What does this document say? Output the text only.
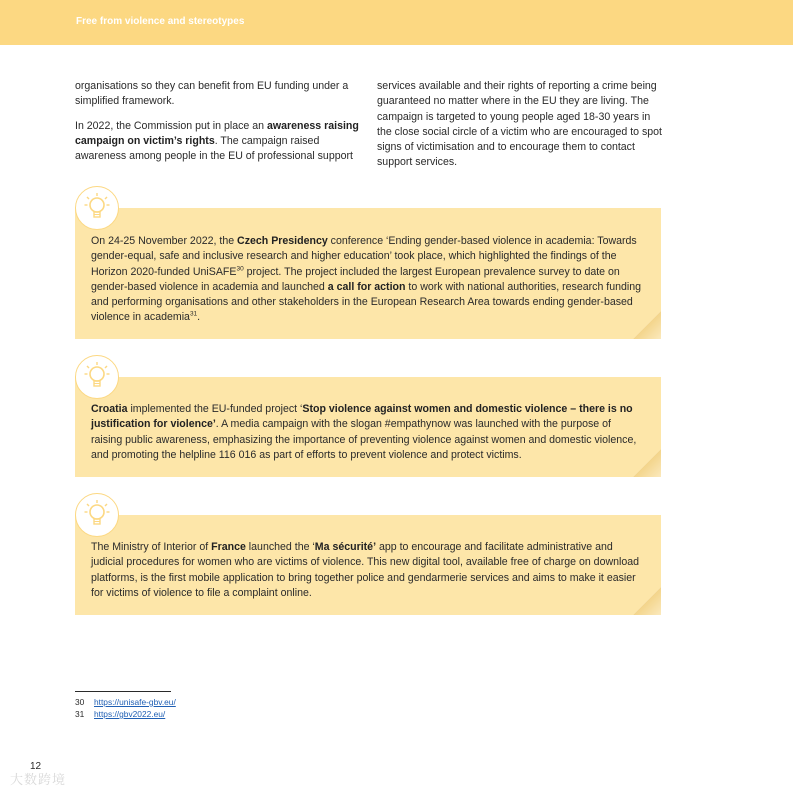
Free from violence and stereotypes

organisations so they can benefit from EU funding under a simplified framework.

In 2022, the Commission put in place an awareness raising campaign on victim’s rights. The campaign raised awareness among people in the EU of professional support

services available and their rights of reporting a crime being guaranteed no matter where in the EU they are living. The campaign is targeted to young people aged 18-30 years in the close social circle of a victim who are encouraged to spot signs of victimisation and to encourage them to contact support services.

On 24-25 November 2022, the Czech Presidency conference ‘Ending gender-based violence in academia: Towards gender-equal, safe and inclusive research and higher education’ took place, which highlighted the findings of the Horizon 2020-funded UniSAFE$^{30}$ project. The project included the largest European prevalence survey to date on gender-based violence in academia and launched a call for action to work with national authorities, research funding and performing organisations and other stakeholders in the European Research Area towards ending gender-based violence in academia$^{31}$.
Croatia implemented the EU-funded project ‘Stop violence against women and domestic violence – there is no justification for violence’. A media campaign with the slogan #empathynow was launched with the purpose of raising public awareness, emphasizing the importance of preventing violence against women and domestic violence, and promoting the helpline 116 016 as part of efforts to prevent violence and protect victims.
The Ministry of Interior of France launched the ‘Ma sécurité’ app to encourage and facilitate administrative and judicial procedures for women who are victims of violence. This new digital tool, available free of charge on download platforms, is the first mobile application to bring together police and gendarmerie services and aims to make it easier for victims of violence to file a complaint online.
30 https://unisafe-gbv.eu/
31 https://gbv2022.eu/
12
大数跨境
